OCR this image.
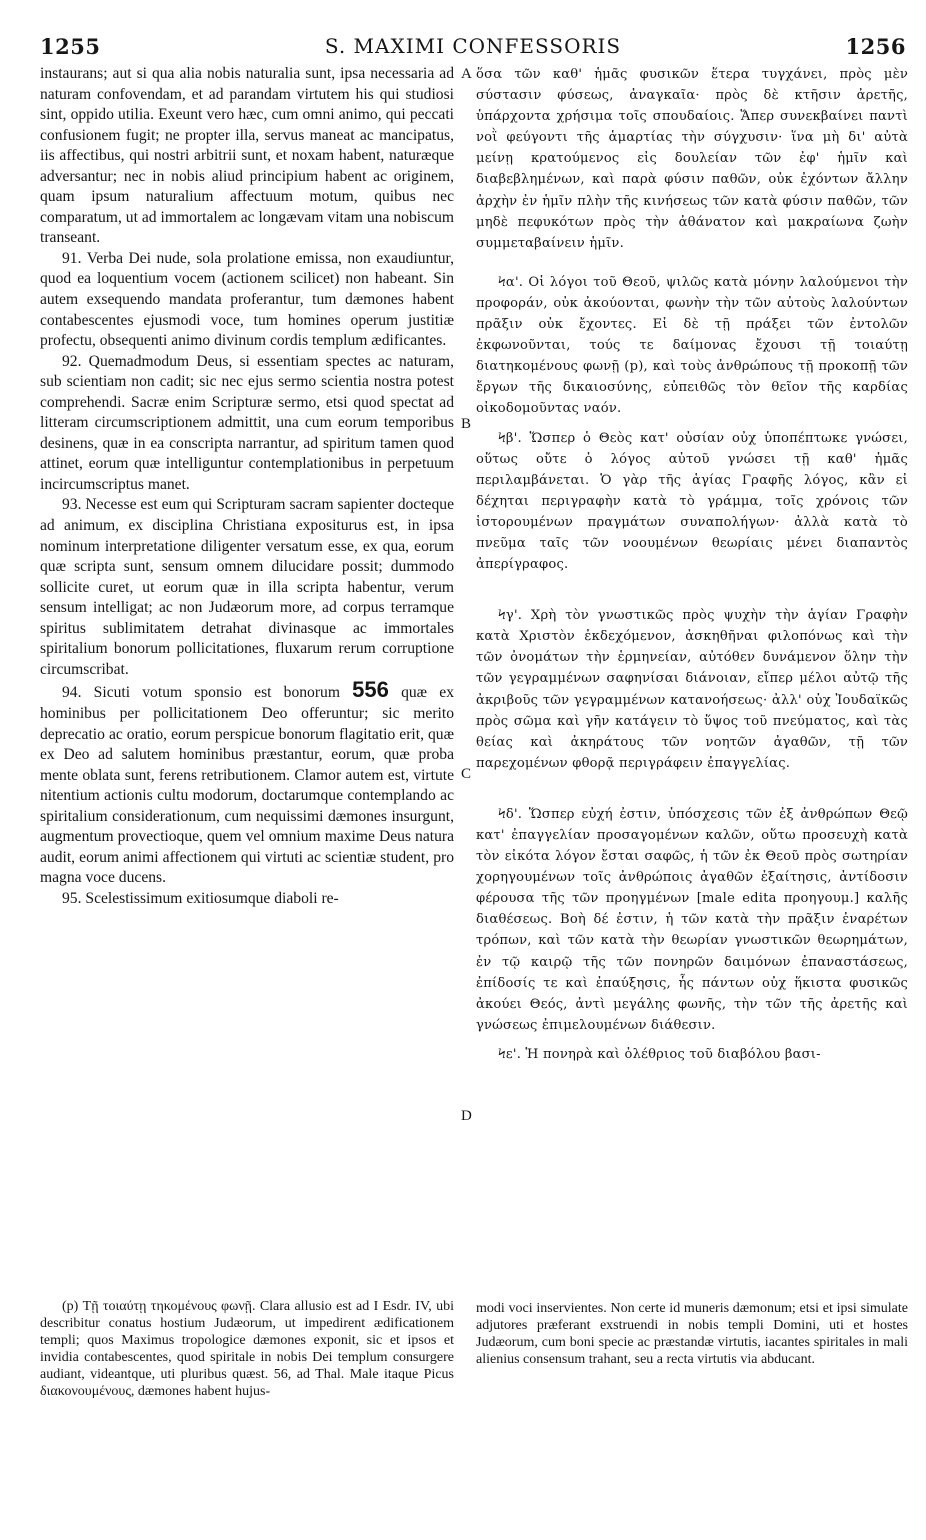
1255	S. MAXIMI CONFESSORIS	1256

instaurans; aut si qua alia nobis naturalia sunt, ipsa necessaria ad naturam confovendam, et ad parandam virtutem his qui studiosi sint, oppido utilia. Exeunt vero hæc, cum omni animo, qui peccati confusionem fugit; ne propter illa, servus maneat ac mancipatus, iis affectibus, qui nostri arbitrii sunt, et noxam habent, naturæque adversantur; nec in nobis aliud principium habent ac originem, quam ipsum naturalium affectuum motum, quibus nec comparatum, ut ad immortalem ac longævam vitam una nobiscum transeant.

91. Verba Dei nude, sola prolatione emissa, non exaudiuntur, quod ea loquentium vocem (actionem scilicet) non habeant. Sin autem exsequendo mandata proferantur, tum dæmones habent contabescentes ejusmodi voce, tum homines operum justitiæ profectu, obsequenti animo divinum cordis templum ædificantes.

92. Quemadmodum Deus, si essentiam spectes ac naturam, sub scientiam non cadit; sic nec ejus sermo scientia nostra potest comprehendi. Sacræ enim Scripturæ sermo, etsi quod spectat ad litteram circumscriptionem admittit, una cum eorum temporibus desinens, quæ in ea conscripta narrantur, ad spiritum tamen quod attinet, eorum quæ intelliguntur contemplationibus in perpetuum incircumscriptus manet.

93. Necesse est eum qui Scripturam sacram sapienter docteque ad animum, ex disciplina Christiana expositurus est, in ipsa nominum interpretatione diligenter versatum esse, ex qua, eorum quæ scripta sunt, sensum omnem dilucidare possit; dummodo sollicite curet, ut eorum quæ in illa scripta habentur, verum sensum intelligat; ac non Judæorum more, ad corpus terramque spiritus sublimitatem detrahat divinasque ac immortales spiritalium bonorum pollicitationes, fluxarum rerum corruptione circumscribat.

94. Sicuti votum sponsio est bonorum 556 quæ ex hominibus per pollicitationem Deo offeruntur; sic merito deprecatio ac oratio, eorum perspicue bonorum flagitatio erit, quæ ex Deo ad salutem hominibus præstantur, eorum, quæ proba mente oblata sunt, ferens retributionem. Clamor autem est, virtute nitentium actionis cultu modorum, doctarumque contemplando ac spiritalium considerationum, cum nequissimi dæmones insurgunt, augmentum provectioque, quem vel omnium maxime Deus natura audit, eorum animi affectionem qui virtuti ac scientiæ student, pro magna voce ducens.

95. Scelestissimum exitiosumque diaboli re-

A
B
C
D

ὅσα τῶν καθ' ἡμᾶς φυσικῶν ἕτερα τυγχάνει, πρὸς μὲν σύστασιν φύσεως, ἀναγκαῖα· πρὸς δὲ κτῆσιν ἀρετῆς, ὑπάρχοντα χρήσιμα τοῖς σπουδαίοις. Ἅπερ συνεκβαίνει παντὶ νοῒ φεύγοντι τῆς ἁμαρτίας τὴν σύγχυσιν· ἵνα μὴ δι' αὐτὰ μείνῃ κρατούμενος εἰς δουλείαν τῶν ἐφ' ἡμῖν καὶ διαβεβλημένων, καὶ παρὰ φύσιν παθῶν, οὐκ ἐχόντων ἄλλην ἀρχὴν ἐν ἡμῖν πλὴν τῆς κινήσεως τῶν κατὰ φύσιν παθῶν, τῶν μηδὲ πεφυκότων πρὸς τὴν ἀθάνατον καὶ μακραίωνα ζωὴν συμμεταβαίνειν ἡμῖν.

Ϟα'. Οἱ λόγοι τοῦ Θεοῦ, ψιλῶς κατὰ μόνην λαλούμενοι τὴν προφοράν, οὐκ ἀκούονται, φωνὴν τὴν τῶν αὐτοὺς λαλούντων πρᾶξιν οὐκ ἔχοντες. Εἰ δὲ τῇ πράξει τῶν ἐντολῶν ἐκφωνοῦνται, τούς τε δαίμονας ἔχουσι τῇ τοιαύτῃ διατηκομένους φωνῇ (p), καὶ τοὺς ἀνθρώπους τῇ προκοπῇ τῶν ἔργων τῆς δικαιοσύνης, εὐπειθῶς τὸν θεῖον τῆς καρδίας οἰκοδομοῦντας ναόν.

Ϟβ'. Ὥσπερ ὁ Θεὸς κατ' οὐσίαν οὐχ ὑποπέπτωκε γνώσει, οὕτως οὔτε ὁ λόγος αὐτοῦ γνώσει τῇ καθ' ἡμᾶς περιλαμβάνεται. Ὁ γὰρ τῆς ἁγίας Γραφῆς λόγος, κἂν εἰ δέχηται περιγραφὴν κατὰ τὸ γράμμα, τοῖς χρόνοις τῶν ἱστορουμένων πραγμάτων συναπολήγων· ἀλλὰ κατὰ τὸ πνεῦμα ταῖς τῶν νοουμένων θεωρίαις μένει διαπαντὸς ἀπερίγραφος.

Ϟγ'. Χρὴ τὸν γνωστικῶς πρὸς ψυχὴν τὴν ἁγίαν Γραφὴν κατὰ Χριστὸν ἐκδεχόμενον, ἀσκηθῆναι φιλοπόνως καὶ τὴν τῶν ὀνομάτων τὴν ἑρμηνείαν, αὐτόθεν δυνάμενον ὅλην τὴν τῶν γεγραμμένων σαφηνίσαι διάνοιαν, εἴπερ μέλοι αὐτῷ τῆς ἀκριβοῦς τῶν γεγραμμένων κατανοήσεως· ἀλλ' οὐχ Ἰουδαϊκῶς πρὸς σῶμα καὶ γῆν κατάγειν τὸ ὕψος τοῦ πνεύματος, καὶ τὰς θείας καὶ ἀκηράτους τῶν νοητῶν ἀγαθῶν, τῇ τῶν παρεχομένων φθορᾷ περιγράφειν ἐπαγγελίας.

Ϟδ'. Ὥσπερ εὐχή ἐστιν, ὑπόσχεσις τῶν ἐξ ἀνθρώπων Θεῷ κατ' ἐπαγγελίαν προσαγομένων καλῶν, οὕτω προσευχὴ κατὰ τὸν εἰκότα λόγον ἔσται σαφῶς, ἡ τῶν ἐκ Θεοῦ πρὸς σωτηρίαν χορηγουμένων τοῖς ἀνθρώποις ἀγαθῶν ἐξαίτησις, ἀντίδοσιν φέρουσα τῆς τῶν προηγμένων [male edita προηγουμ.] καλῆς διαθέσεως. Βοὴ δέ ἐστιν, ἡ τῶν κατὰ τὴν πρᾶξιν ἐναρέτων τρόπων, καὶ τῶν κατὰ τὴν θεωρίαν γνωστικῶν θεωρημάτων, ἐν τῷ καιρῷ τῆς τῶν πονηρῶν δαιμόνων ἐπαναστάσεως, ἐπίδοσίς τε καὶ ἐπαύξησις, ἧς πάντων οὐχ ἥκιστα φυσικῶς ἀκούει Θεός, ἀντὶ μεγάλης φωνῆς, τὴν τῶν τῆς ἀρετῆς καὶ γνώσεως ἐπιμελουμένων διάθεσιν.

Ϟε'. Ἡ πονηρὰ καὶ ὀλέθριος τοῦ διαβόλου βασι-

(p) Τῇ τοιαύτῃ τηκομένους φωνῇ. Clara allusio est ad I Esdr. IV, ubi describitur conatus hostium Judæorum, ut impedirent ædificationem templi; quos Maximus tropologice dæmones exponit, sic et ipsos et invidia contabescentes, quod spiritale in nobis Dei templum consurgere audiant, videantque, uti pluribus quæst. 56, ad Thal. Male itaque Picus διακονουμένους, dæmones habent hujus-

modi voci inservientes. Non certe id muneris dæmonum; etsi et ipsi simulate adjutores præferant exstruendi in nobis templi Domini, uti et hostes Judæorum, cum boni specie ac præstandæ virtutis, iacantes spiritales in mali alienius consensum trahant, seu a recta virtutis via abducant.
